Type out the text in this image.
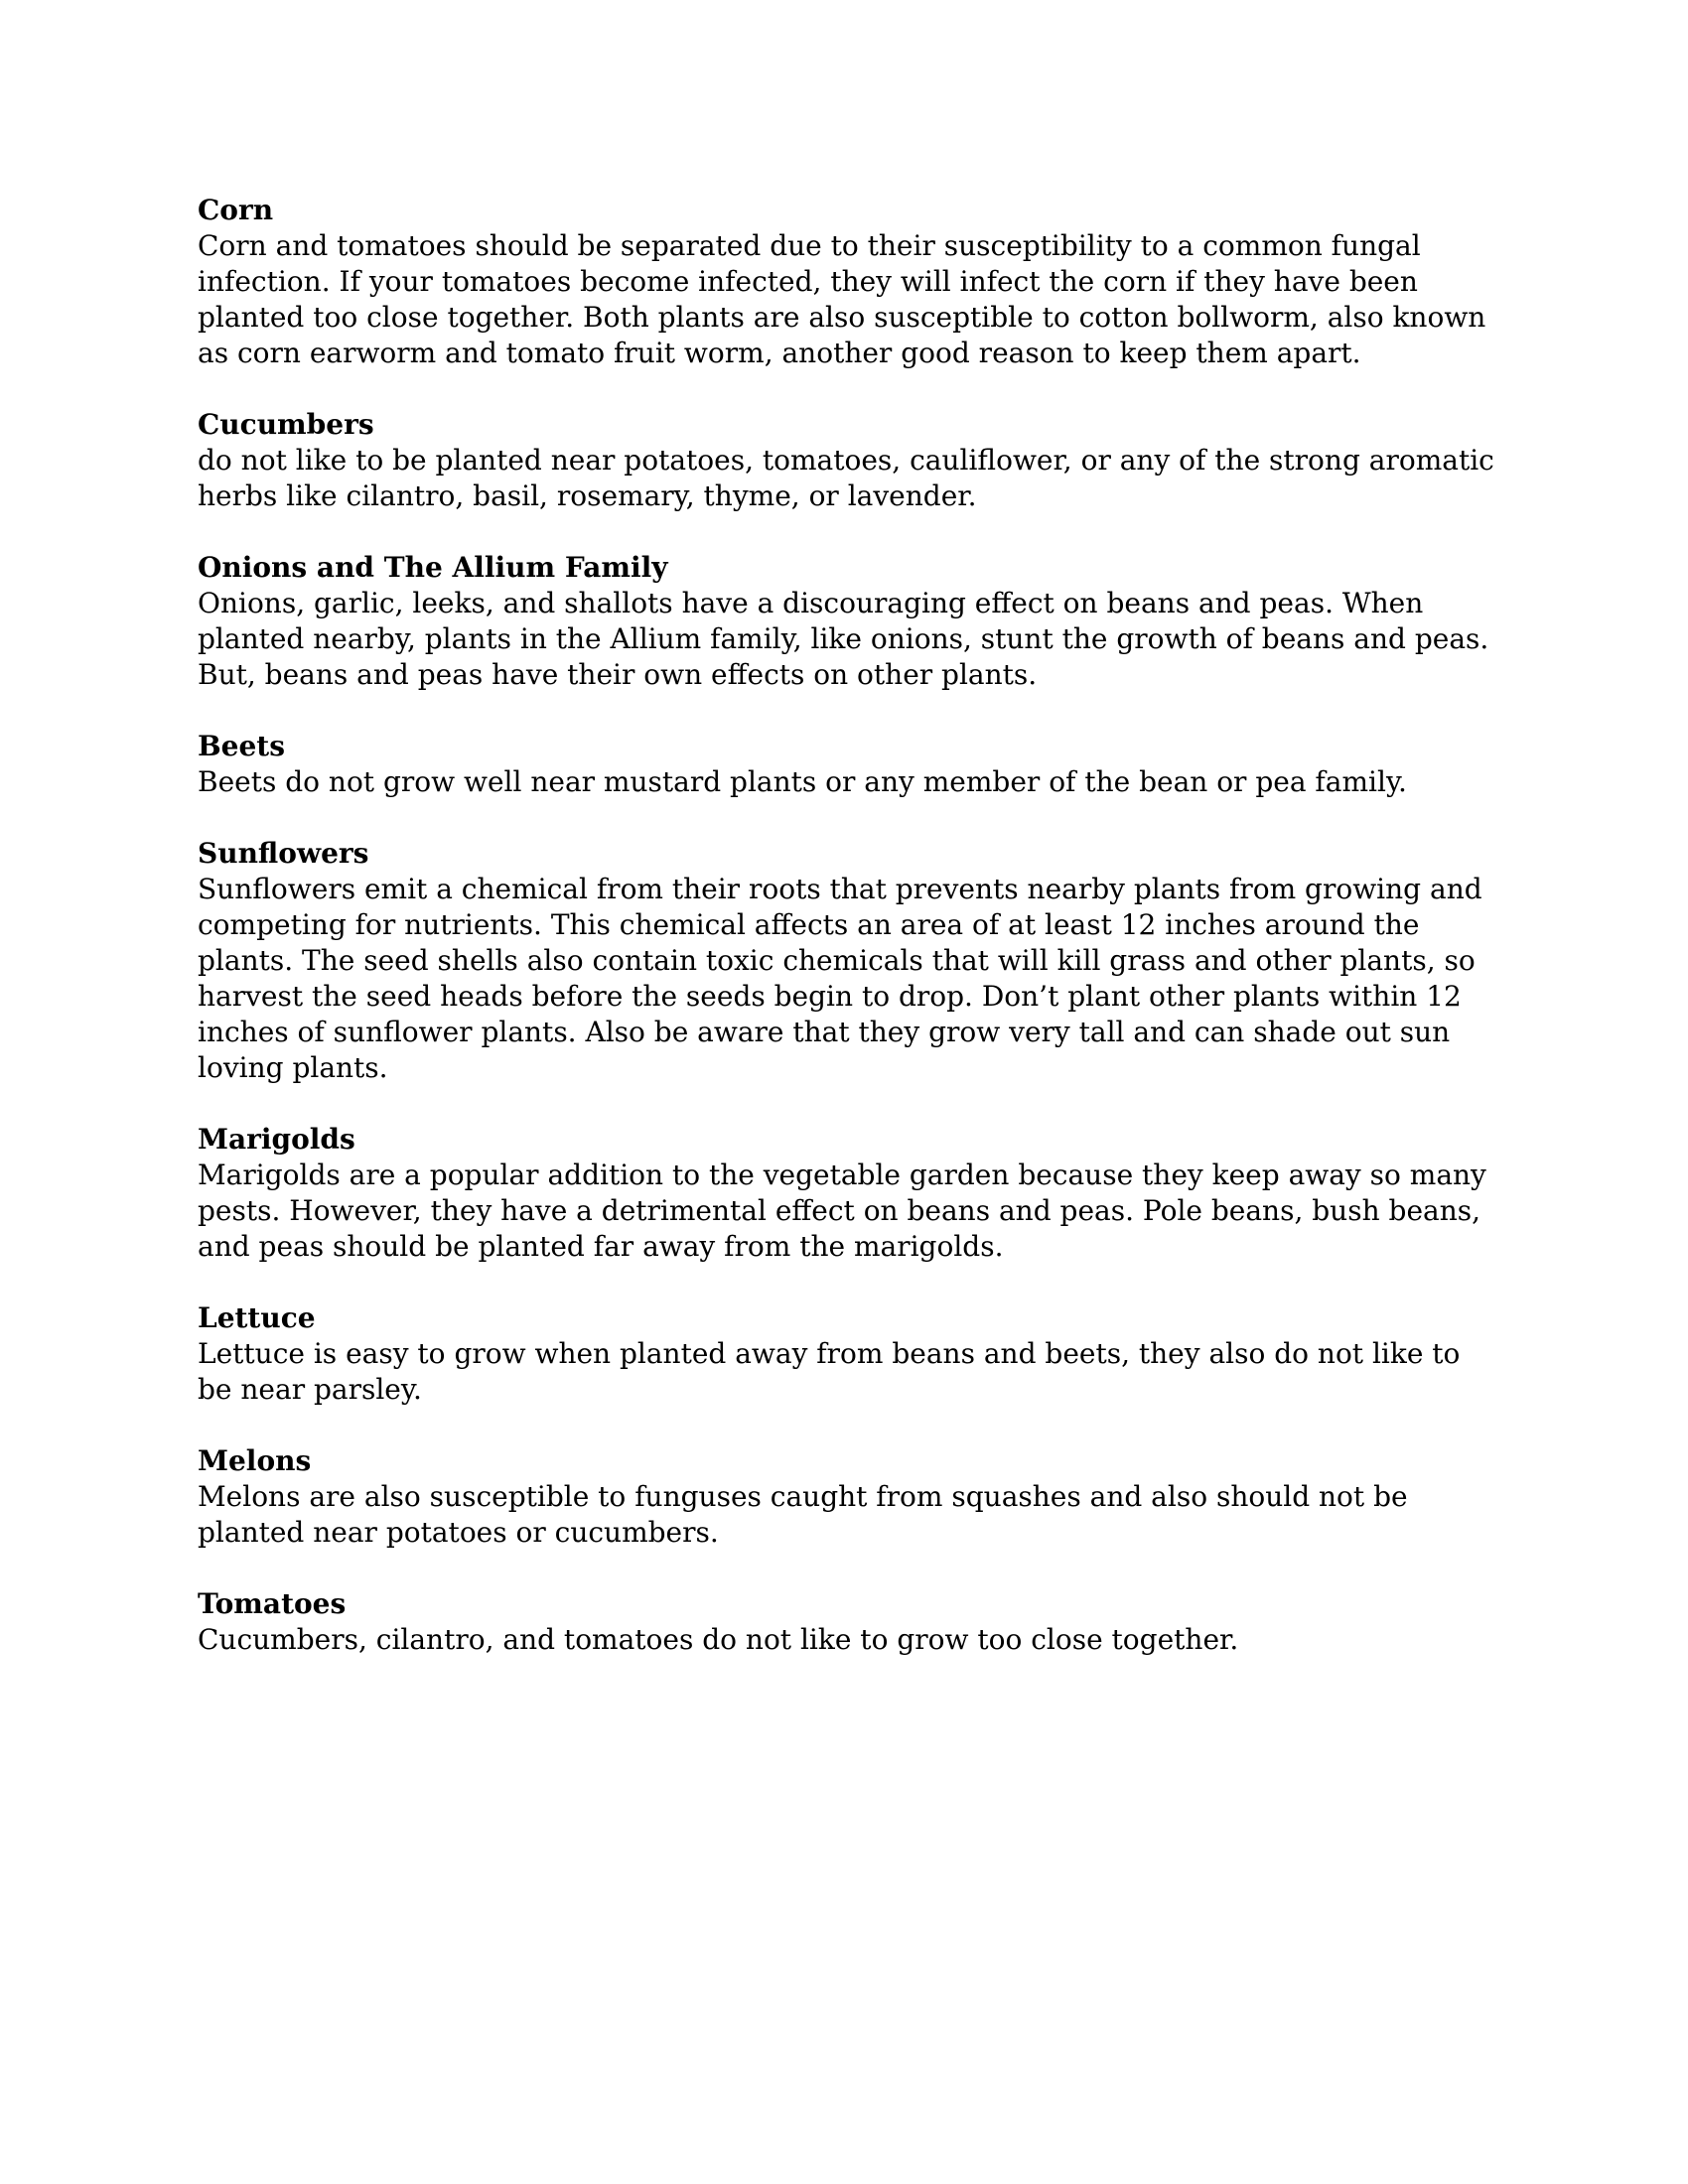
Corn
Corn and tomatoes should be separated due to their susceptibility to a common fungal infection. If your tomatoes become infected, they will infect the corn if they have been planted too close together. Both plants are also susceptible to cotton bollworm, also known as corn earworm and tomato fruit worm, another good reason to keep them apart.
Cucumbers
do not like to be planted near potatoes, tomatoes, cauliflower, or any of the strong aromatic herbs like cilantro, basil, rosemary, thyme, or lavender.
Onions and The Allium Family
Onions, garlic, leeks, and shallots have a discouraging effect on beans and peas. When planted nearby, plants in the Allium family, like onions, stunt the growth of beans and peas. But, beans and peas have their own effects on other plants.
Beets
Beets do not grow well near mustard plants or any member of the bean or pea family.
Sunflowers
Sunflowers emit a chemical from their roots that prevents nearby plants from growing and competing for nutrients. This chemical affects an area of at least 12 inches around the plants. The seed shells also contain toxic chemicals that will kill grass and other plants, so harvest the seed heads before the seeds begin to drop. Don’t plant other plants within 12 inches of sunflower plants. Also be aware that they grow very tall and can shade out sun loving plants.
Marigolds
Marigolds are a popular addition to the vegetable garden because they keep away so many pests. However, they have a detrimental effect on beans and peas. Pole beans, bush beans, and peas should be planted far away from the marigolds.
Lettuce
Lettuce is easy to grow when planted away from beans and beets, they also do not like to be near parsley.
Melons
Melons are also susceptible to funguses caught from squashes and also should not be planted near potatoes or cucumbers.
Tomatoes
Cucumbers, cilantro, and tomatoes do not like to grow too close together.
